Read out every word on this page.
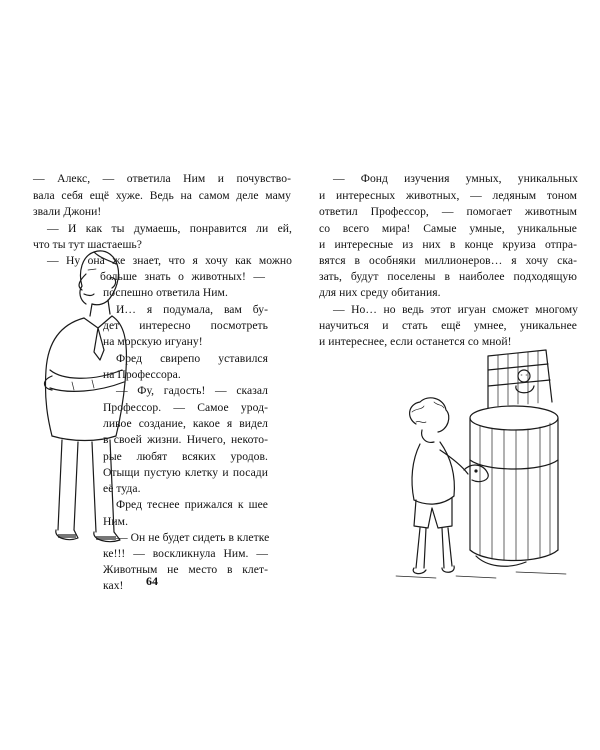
— Алекс, — ответила Ним и почувство-
вала себя ещё хуже. Ведь на самом деле маму
звали Джони!
— И как ты думаешь, понравится ли ей,
что ты тут шастаешь?
— Ну она же знает, что я хочу как можно
больше знать о животных! —
поспешно ответила Ним.
И… я подумала, вам бу-
дет интересно посмотреть
на морскую игуану!
Фред свирепо уставился
на Профессора.
— Фу, гадость! — сказал
Профессор. — Самое урод-
ливое создание, какое я видел
в своей жизни. Ничего, некото-
рые любят всяких уродов.
Отыщи пустую клетку и посади
её туда.
Фред теснее прижался к шее
Ним.
— Он не будет сидеть в клетке
ке!!! — воскликнула Ним. —
Животным не место в клет-
ках! 64
— Фонд изучения умных, уникальных
и интересных животных, — ледяным тоном
ответил Профессор, — помогает животным
со всего мира! Самые умные, уникальные
и интересные из них в конце круиза отпра-
вятся в особняки миллионеров… я хочу ска-
зать, будут поселены в наиболее подходящую
для них среду обитания.
— Но… но ведь этот игуан сможет многому
научиться и стать ещё умнее, уникальнее
и интереснее, если останется со мной!
